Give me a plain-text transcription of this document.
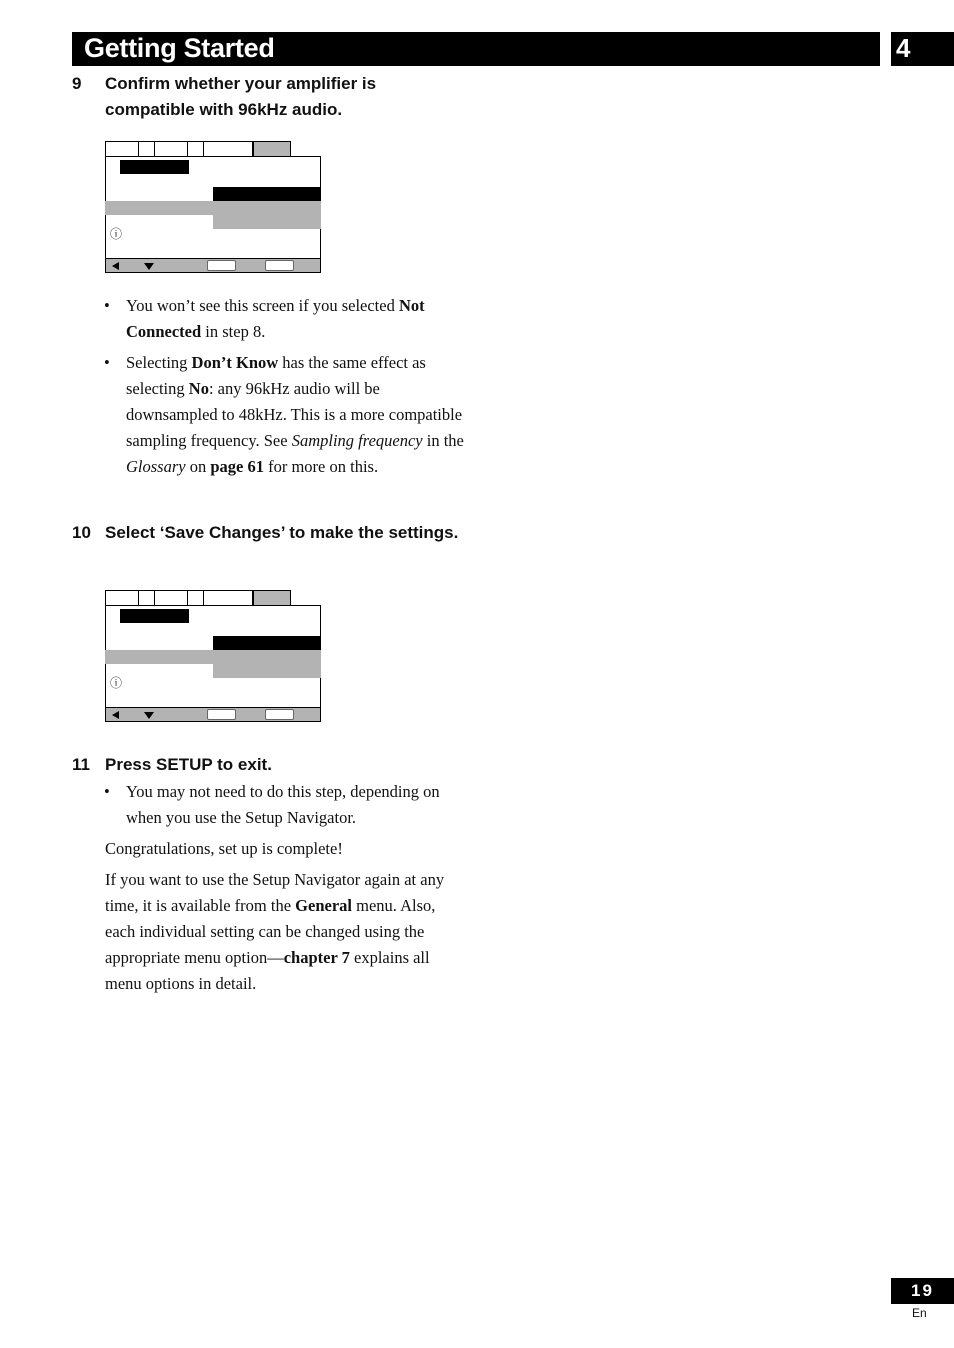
Getting Started	4
9 Confirm whether your amplifier is compatible with 96kHz audio.
ⓘ
• You won’t see this screen if you selected Not Connected in step 8.
• Selecting Don’t Know has the same effect as selecting No: any 96kHz audio will be downsampled to 48kHz. This is a more compatible sampling frequency. See Sampling frequency in the Glossary on page 61 for more on this.
10 Select ‘Save Changes’ to make the settings.
ⓘ
11 Press SETUP to exit.
• You may not need to do this step, depending on when you use the Setup Navigator.
Congratulations, set up is complete!
If you want to use the Setup Navigator again at any time, it is available from the General menu. Also, each individual setting can be changed using the appropriate menu option—chapter 7 explains all menu options in detail.
19
En
